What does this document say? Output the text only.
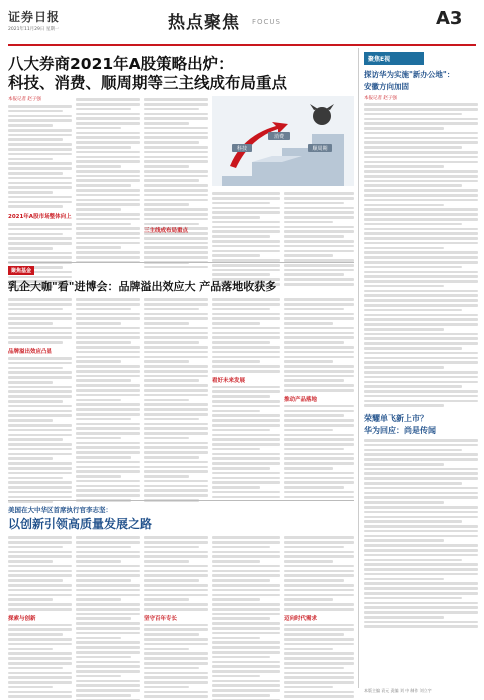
证券日报
2021年11月29日 星期一	热点聚焦 FOCUS	A3
八大券商2021年A股策略出炉：
科技、消费、顺周期等三主线成布局重点
本报记者 赵子强
2021年A股市场整体向上
科技
消费
顺周期
三主线成布局重点
聚焦E视
探访华为实施"新办公地"：
安徽方向加固
本报记者 赵子强
荣耀单飞新上市？
华为回应：尚是传闻
本版主编 袁元 责编 刘 中 制作 刘立宇
聚焦基金
乳企大咖"看"进博会：品牌溢出效应大 产品落地收获多
品牌溢出效应凸显
看好未来发展
推动产品落地
美国在大中华区首席执行官李志坚：
以创新引领高质量发展之路
探索与创新	坚守百年专长	迈向时代需求
